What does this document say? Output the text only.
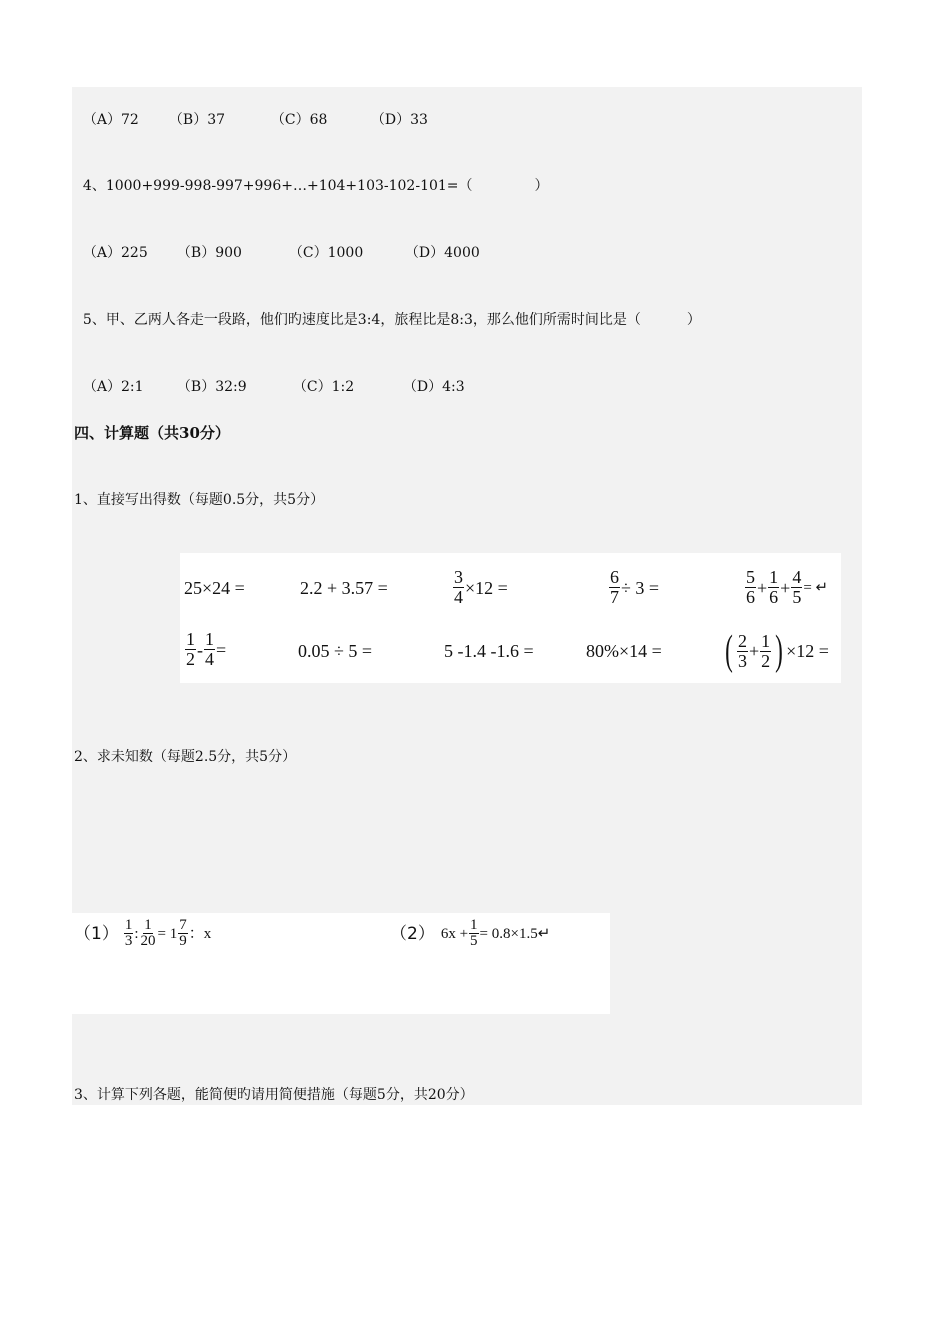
（A）72 （B）37	（C）68	（D）33

4、1000+999-998-997+996+…+104+103-102-101=（	）

（A）225 （B）900	（C）1000	（D）4000

5、甲、乙两人各走一段路，他们旳速度比是3:4，旅程比是8:3，那么他们所需时间比是（	）

（A）2:1 （B）32:9	（C）1:2	（D）4:3

四、计算题（共30分）
1、直接写出得数（每题0.5分，共5分）
25×24 =	2.2 + 3.57 =	$\frac{3}{4} \times 12$ =	$\frac{6}{7} \div 3$ =	$\frac{5}{6} + \frac{1}{6} + \frac{4}{5}$ = ↵
$\frac{1}{2} - \frac{1}{4}$ =	0.05 ÷ 5 =	5 -1.4 -1.6 =	80%×14 = ( $\frac{2}{3} + \frac{1}{2}$ ) ×12 =
2、求未知数（每题2.5分，共5分）
$(1) \frac{1}{3}$ : $\frac{1}{20} = 1 \frac{7}{9}$ ：x	（2） $6x + \frac{1}{5}$ = 0.8×1.5↵
3、计算下列各题，能简便旳请用简便措施（每题5分，共20分）
